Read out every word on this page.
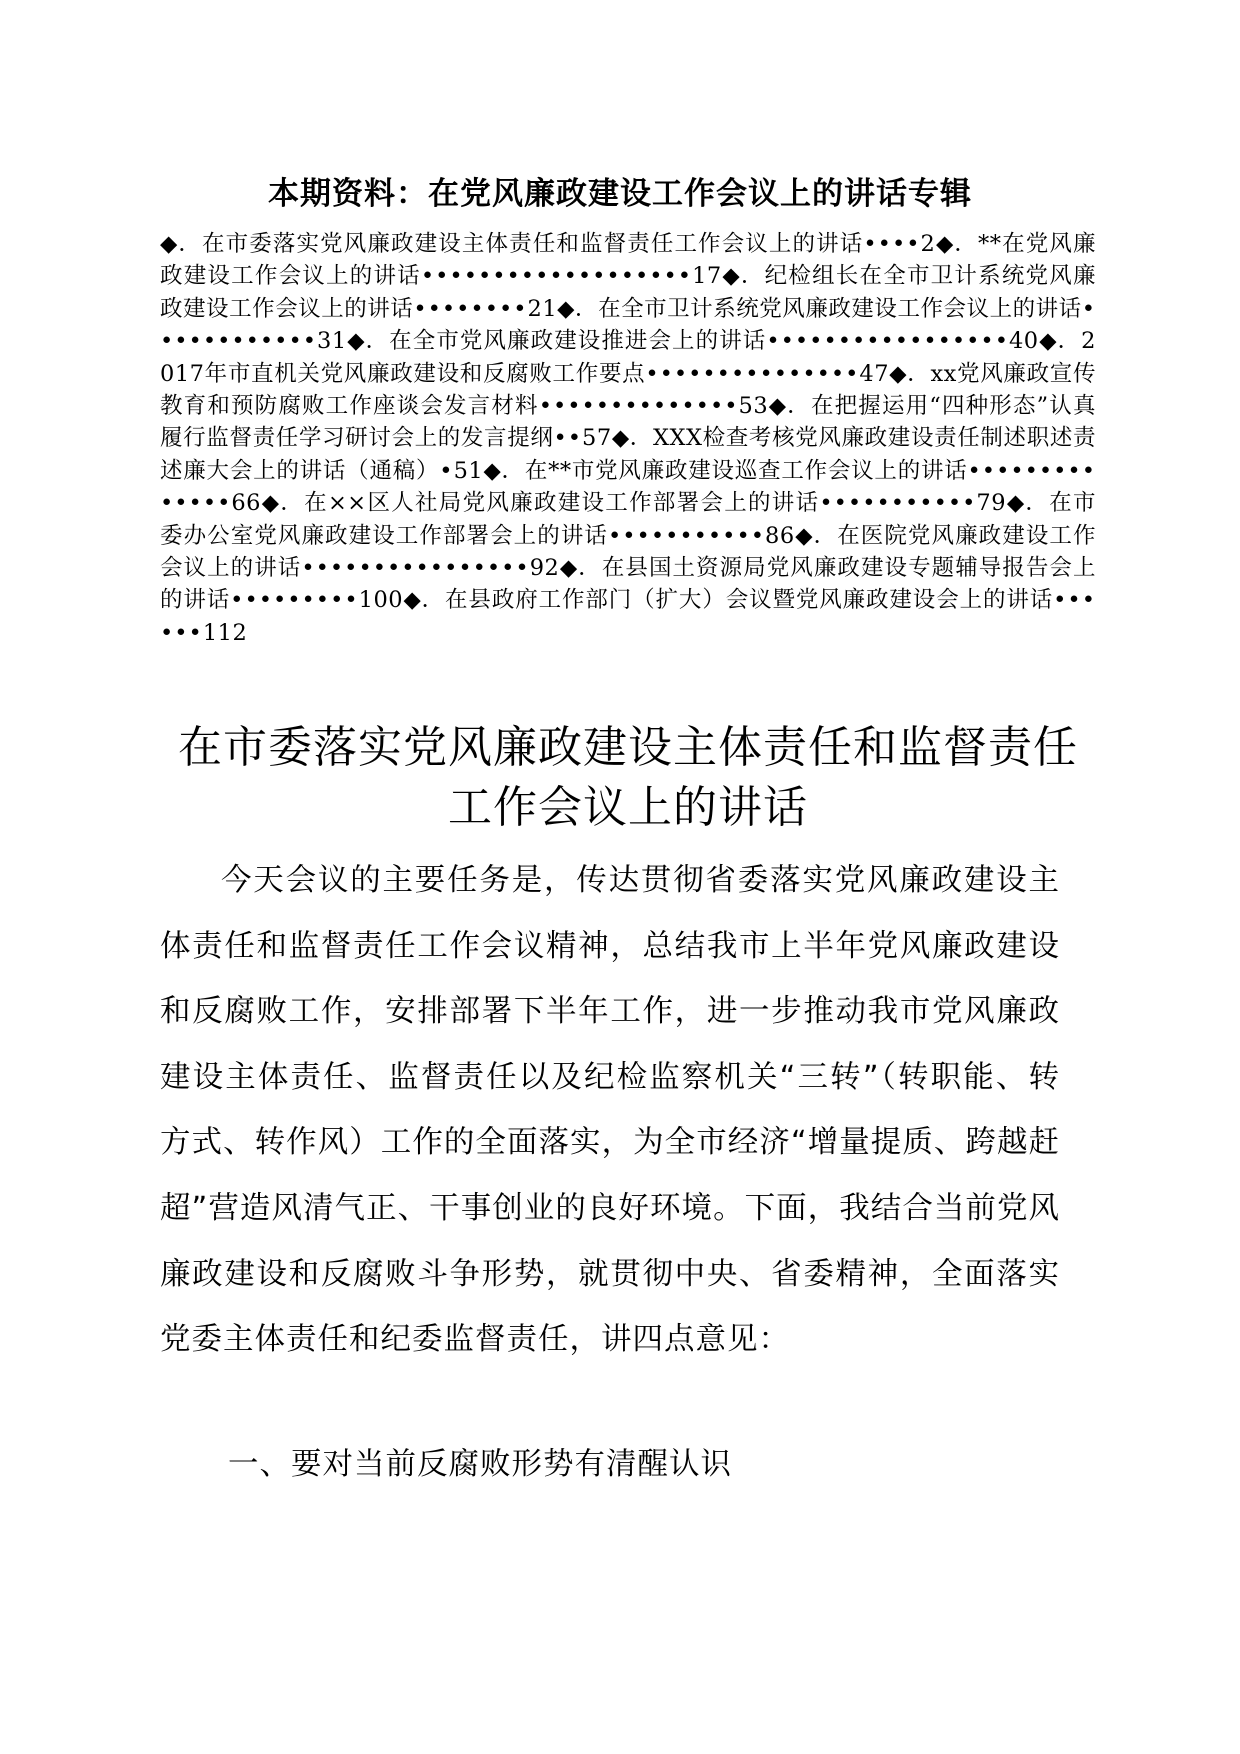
本期资料：在党风廉政建设工作会议上的讲话专辑
◆．在市委落实党风廉政建设主体责任和监督责任工作会议上的讲话••••2◆．**在党风廉政建设工作会议上的讲话•••••••••••••••••••17◆．纪检组长在全市卫计系统党风廉政建设工作会议上的讲话••••••••21◆．在全市卫计系统党风廉政建设工作会议上的讲话••••••••••••31◆．在全市党风廉政建设推进会上的讲话•••••••••••••••••40◆．2017年市直机关党风廉政建设和反腐败工作要点•••••••••••••••47◆．xx党风廉政宣传教育和预防腐败工作座谈会发言材料••••••••••••••53◆．在把握运用“四种形态”认真履行监督责任学习研讨会上的发言提纲••57◆．XXX检查考核党风廉政建设责任制述职述责述廉大会上的讲话（通稿）•51◆．在**市党风廉政建设巡查工作会议上的讲话••••••••••••••66◆．在××区人社局党风廉政建设工作部署会上的讲话•••••••••••79◆．在市委办公室党风廉政建设工作部署会上的讲话•••••••••••86◆．在医院党风廉政建设工作会议上的讲话••••••••••••••••92◆．在县国土资源局党风廉政建设专题辅导报告会上的讲话•••••••••100◆．在县政府工作部门（扩大）会议暨党风廉政建设会上的讲话••••••112
在市委落实党风廉政建设主体责任和监督责任工作会议上的讲话

今天会议的主要任务是，传达贯彻省委落实党风廉政建设主体责任和监督责任工作会议精神，总结我市上半年党风廉政建设和反腐败工作，安排部署下半年工作，进一步推动我市党风廉政建设主体责任、监督责任以及纪检监察机关“三转”（转职能、转方式、转作风）工作的全面落实，为全市经济“增量提质、跨越赶超”营造风清气正、干事创业的良好环境。下面，我结合当前党风廉政建设和反腐败斗争形势，就贯彻中央、省委精神，全面落实党委主体责任和纪委监督责任，讲四点意见：

一、要对当前反腐败形势有清醒认识
